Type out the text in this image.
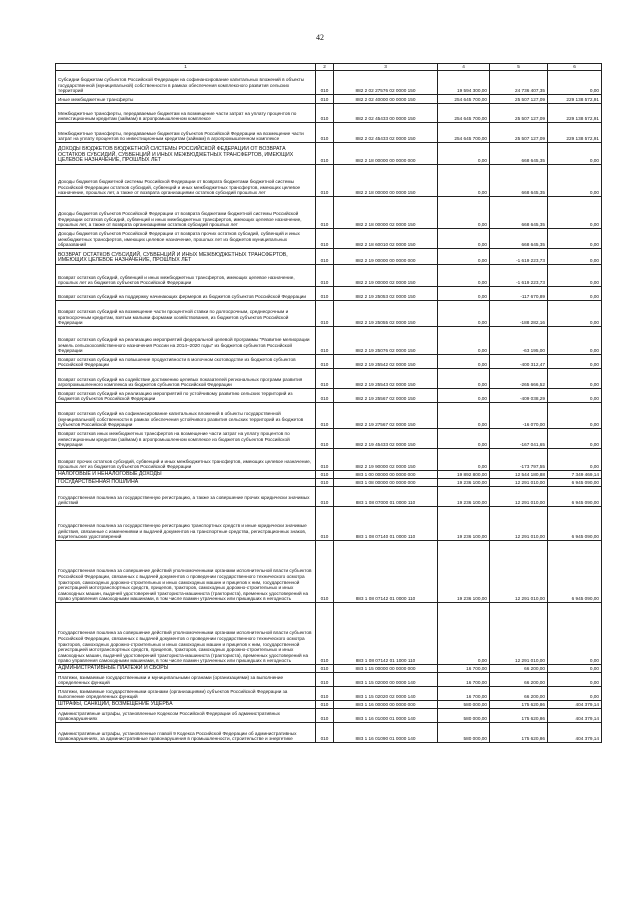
42
1	2	3	4	5	6
Субсидии бюджетам субъектов Российской Федерации на софинансирование капитальных вложений в объекты государственной (муниципальной) собственности в рамках обеспечения комплексного развития сельских территорий	010	882 2 02 27576 02 0000 150	19 594 300,00	24 736 407,35	0,00
Иные межбюджетные трансферты	010	882 2 02 40000 00 0000 150	254 645 700,00	25 507 127,09	229 138 572,91
Межбюджетные трансферты, передаваемые бюджетам на возмещение части затрат на уплату процентов по инвестиционным кредитам (займам) в агропромышленном комплексе	010	882 2 02 45433 00 0000 150	254 645 700,00	25 507 127,09	229 138 572,91
Межбюджетные трансферты, передаваемые бюджетам субъектов Российской Федерации на возмещение части затрат на уплату процентов по инвестиционным кредитам (займам) в агропромышленном комплексе	010	882 2 02 45433 02 0000 150	254 645 700,00	25 507 127,09	229 138 572,91
ДОХОДЫ БЮДЖЕТОВ БЮДЖЕТНОЙ СИСТЕМЫ РОССИЙСКОЙ ФЕДЕРАЦИИ ОТ ВОЗВРАТА ОСТАТКОВ СУБСИДИЙ, СУБВЕНЦИЙ И ИНЫХ МЕЖБЮДЖЕТНЫХ ТРАНСФЕРТОВ, ИМЕЮЩИХ ЦЕЛЕВОЕ НАЗНАЧЕНИЕ, ПРОШЛЫХ ЛЕТ	010	882 2 18 00000 00 0000 000	0,00	668 645,35	0,00
Доходы бюджетов бюджетной системы Российской Федерации от возврата бюджетами бюджетной системы Российской Федерации остатков субсидий, субвенций и иных межбюджетных трансфертов, имеющих целевое назначение, прошлых лет, а также от возврата организациями остатков субсидий прошлых лет	010	882 2 18 00000 00 0000 150	0,00	668 645,35	0,00
Доходы бюджетов субъектов Российской Федерации от возврата бюджетами бюджетной системы Российской Федерации остатков субсидий, субвенций и иных межбюджетных трансфертов, имеющих целевое назначение, прошлых лет, а также от возврата организациями остатков субсидий прошлых лет	010	882 2 18 00000 02 0000 150	0,00	668 645,35	0,00
Доходы бюджетов субъектов Российской Федерации от возврата прочих остатков субсидий, субвенций и иных межбюджетных трансфертов, имеющих целевое назначение, прошлых лет из бюджетов муниципальных образований	010	882 2 18 60010 02 0000 150	0,00	668 645,35	0,00
ВОЗВРАТ ОСТАТКОВ СУБСИДИЙ, СУБВЕНЦИЙ И ИНЫХ МЕЖБЮДЖЕТНЫХ ТРАНСФЕРТОВ, ИМЕЮЩИХ ЦЕЛЕВОЕ НАЗНАЧЕНИЕ, ПРОШЛЫХ ЛЕТ	010	882 2 19 00000 00 0000 000	0,00	-1 619 223,73	0,00
Возврат остатков субсидий, субвенций и иных межбюджетных трансфертов, имеющих целевое назначение, прошлых лет из бюджетов субъектов Российской Федерации	010	882 2 19 00000 02 0000 150	0,00	-1 619 223,73	0,00
Возврат остатков субсидий на поддержку начинающих фермеров из бюджетов субъектов Российской Федерации	010	882 2 19 25053 02 0000 150	0,00	-117 670,89	0,00
Возврат остатков субсидий на возмещение части процентной ставки по долгосрочным, среднесрочным и краткосрочным кредитам, взятым малыми формами хозяйствования, из бюджетов субъектов Российской Федерации	010	882 2 19 25055 02 0000 150	0,00	-188 282,16	0,00
Возврат остатков субсидий на реализацию мероприятий федеральной целевой программы "Развитие мелиорации земель сельскохозяйственного назначения России на 2014–2020 годы" из бюджетов субъектов Российской Федерации	010	882 2 19 25076 02 0000 150	0,00	-63 195,00	0,00
Возврат остатков субсидий на повышение продуктивности в молочном скотоводстве из бюджетов субъектов Российской Федерации	010	882 2 19 25542 02 0000 150	0,00	-400 312,47	0,00
Возврат остатков субсидий на содействие достижению целевых показателей региональных программ развития агропромышленного комплекса из бюджетов субъектов Российской Федерации	010	882 2 19 25543 02 0000 150	0,00	-265 666,52	0,00
Возврат остатков субсидий на реализацию мероприятий по устойчивому развитию сельских территорий из бюджетов субъектов Российской Федерации	010	882 2 19 25567 02 0000 150	0,00	-409 038,29	0,00
Возврат остатков субсидий на софинансирование капитальных вложений в объекты государственной (муниципальной) собственности в рамках обеспечения устойчивого развития сельских территорий из бюджетов субъектов Российской Федерации	010	882 2 19 27567 02 0000 150	0,00	-16 070,00	0,00
Возврат остатков иных межбюджетных трансфертов на возмещение части затрат на уплату процентов по инвестиционным кредитам (займам) в агропромышленном комплексе из бюджетов субъектов Российской Федерации	010	882 2 19 45433 02 0000 150	0,00	-167 041,65	0,00
Возврат прочих остатков субсидий, субвенций и иных межбюджетных трансфертов, имеющих целевое назначение, прошлых лет из бюджетов субъектов Российской Федерации	010	882 2 19 90000 02 0000 150	0,00	-173 797,55	0,00
НАЛОГОВЫЕ И НЕНАЛОГОВЫЕ ДОХОДЫ	010	883 1 00 00000 00 0000 000	19 892 800,00	12 544 180,88	7 349 469,14
ГОСУДАРСТВЕННАЯ ПОШЛИНА	010	883 1 08 00000 00 0000 000	19 236 100,00	12 291 010,00	6 945 090,00
Государственная пошлина за государственную регистрацию, а также за совершение прочих юридически значимых действий	010	883 1 08 07000 01 0000 110	19 236 100,00	12 291 010,00	6 945 090,00
Государственная пошлина за государственную регистрацию транспортных средств и иные юридически значимые действия, связанные с изменениями и выдачей документов на транспортные средства, регистрационных знаков, водительских удостоверений	010	883 1 08 07140 01 0000 110	19 236 100,00	12 291 010,00	6 945 090,00
Государственная пошлина за совершение действий уполномоченными органами исполнительной власти субъектов Российской Федерации, связанных с выдачей документов о проведении государственного технического осмотра тракторов, самоходных дорожно-строительных и иных самоходных машин и прицепов к ним, государственной регистрацией мототранспортных средств, прицепов, тракторов, самоходных дорожно-строительных и иных самоходных машин, выдачей удостоверений тракториста-машиниста (тракториста), временных удостоверений на право управления самоходными машинами, в том числе взамен утраченных или пришедших в негодность	010	883 1 08 07142 01 0000 110	19 236 100,00	12 291 010,00	6 945 090,00
Государственная пошлина за совершение действий уполномоченными органами исполнительной власти субъектов Российской Федерации, связанных с выдачей документов о проведении государственного технического осмотра тракторов, самоходных дорожно-строительных и иных самоходных машин и прицепов к ним, государственной регистрацией мототранспортных средств, прицепов, тракторов, самоходных дорожно-строительных и иных самоходных машин, выдачей удостоверений тракториста-машиниста (тракториста), временных удостоверений на право управления самоходными машинами, в том числе взамен утраченных или пришедших в негодность	010	883 1 08 07142 01 1000 110	0,00	12 291 010,00	0,00
АДМИНИСТРАТИВНЫЕ ПЛАТЕЖИ И СБОРЫ	010	883 1 15 00000 00 0000 000	16 700,00	66 200,00	0,00
Платежи, взимаемые государственными и муниципальными органами (организациями) за выполнение определенных функций	010	883 1 15 02000 00 0000 140	16 700,00	66 200,00	0,00
Платежи, взимаемые государственными органами (организациями) субъектов Российской Федерации за выполнение определенных функций	010	883 1 15 02020 02 0000 140	16 700,00	66 200,00	0,00
ШТРАФЫ, САНКЦИИ, ВОЗМЕЩЕНИЕ УЩЕРБА	010	883 1 16 00000 00 0000 000	580 000,00	175 620,86	404 379,14
Административные штрафы, установленные Кодексом Российской Федерации об административных правонарушениях	010	883 1 16 01000 01 0000 140	580 000,00	175 620,86	404 379,14
Административные штрафы, установленные главой 9 Кодекса Российской Федерации об административных правонарушениях, за административные правонарушения в промышленности, строительстве и энергетике	010	883 1 16 01090 01 0000 140	580 000,00	175 620,86	404 379,14
